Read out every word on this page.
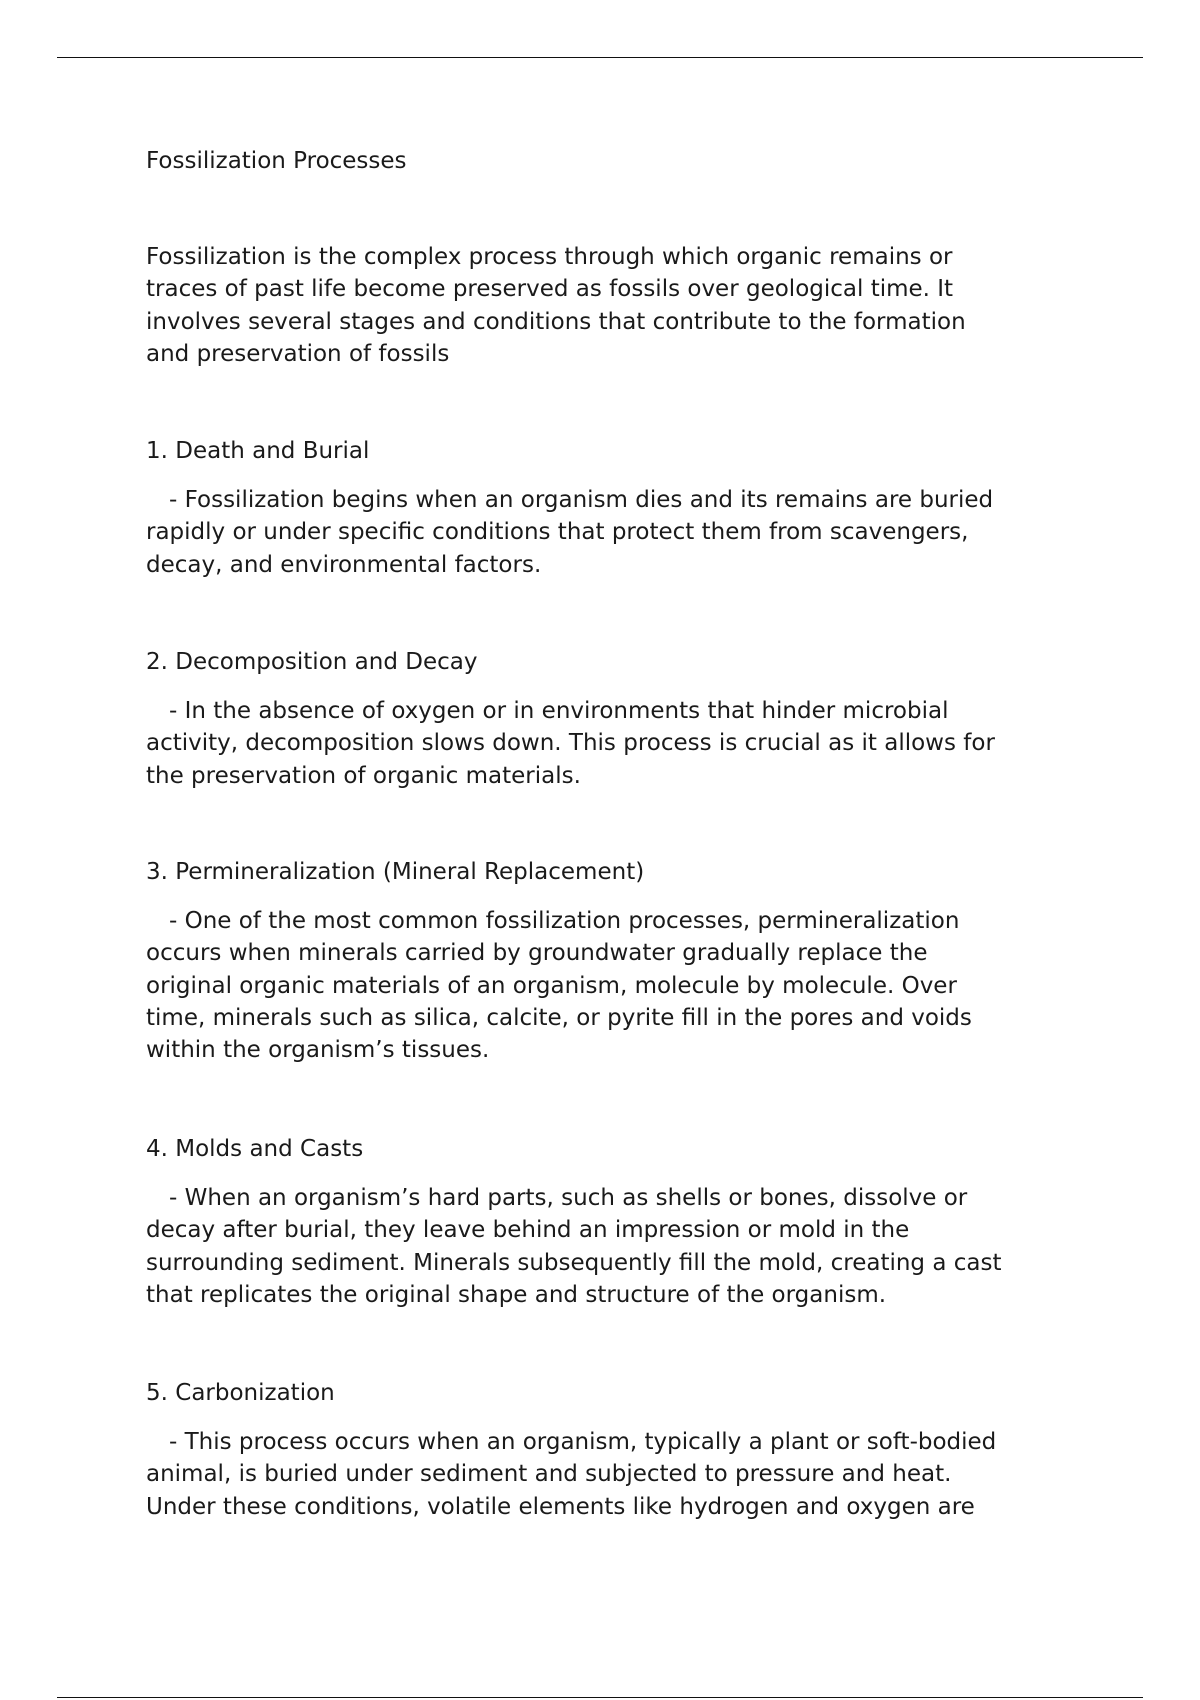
Fossilization Processes

Fossilization is the complex process through which organic remains or
traces of past life become preserved as fossils over geological time. It
involves several stages and conditions that contribute to the formation
and preservation of fossils

1. Death and Burial

- Fossilization begins when an organism dies and its remains are buried
rapidly or under specific conditions that protect them from scavengers,
decay, and environmental factors.

2. Decomposition and Decay

- In the absence of oxygen or in environments that hinder microbial
activity, decomposition slows down. This process is crucial as it allows for
the preservation of organic materials.

3. Permineralization (Mineral Replacement)

- One of the most common fossilization processes, permineralization
occurs when minerals carried by groundwater gradually replace the
original organic materials of an organism, molecule by molecule. Over
time, minerals such as silica, calcite, or pyrite fill in the pores and voids
within the organism’s tissues.

4. Molds and Casts

- When an organism’s hard parts, such as shells or bones, dissolve or
decay after burial, they leave behind an impression or mold in the
surrounding sediment. Minerals subsequently fill the mold, creating a cast
that replicates the original shape and structure of the organism.

5. Carbonization

- This process occurs when an organism, typically a plant or soft-bodied
animal, is buried under sediment and subjected to pressure and heat.
Under these conditions, volatile elements like hydrogen and oxygen are
